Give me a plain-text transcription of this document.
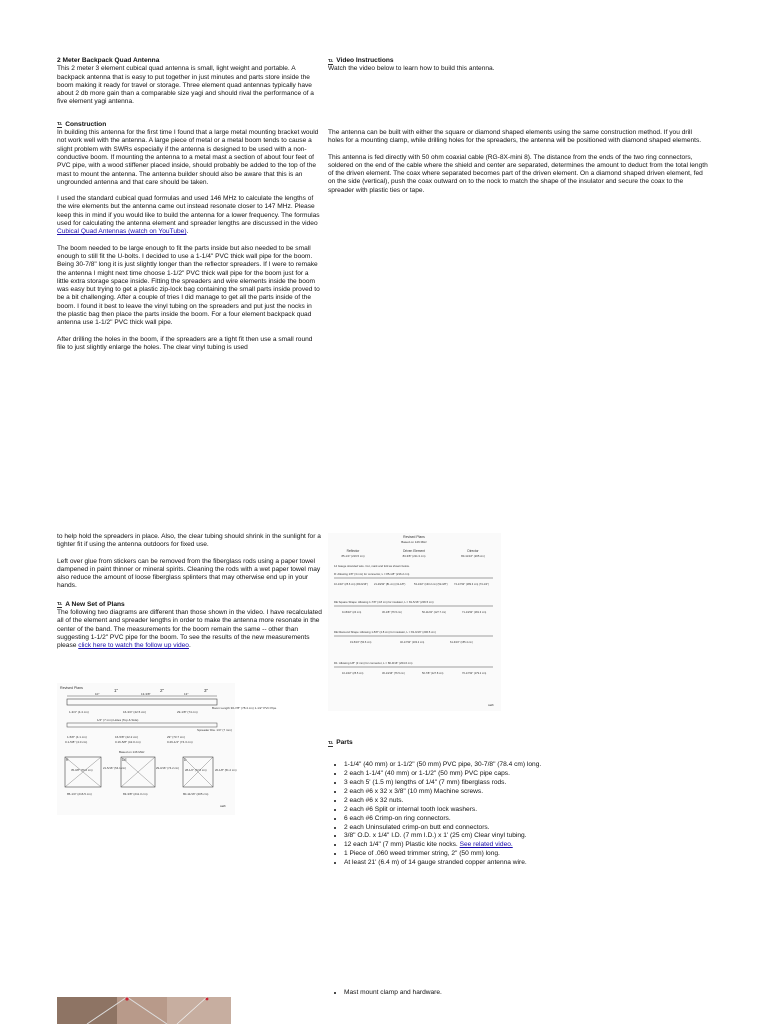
2 Meter Backpack Quad Antenna

This 2 meter 3 element cubical quad antenna is small, light weight and portable. A backpack antenna that is easy to put together in just minutes and parts store inside the boom making it ready for travel or storage. Three element quad antennas typically have about 2 db more gain than a comparable size yagi and should rival the performance of a five element yagi antenna.

T.I. Construction

In building this antenna for the first time I found that a large metal mounting bracket would not work well with the antenna. A large piece of metal or a metal boom tends to cause a slight problem with SWRs especially if the antenna is designed to be used with a non-conductive boom. If mounting the antenna to a metal mast a section of about four feet of PVC pipe, with a wood stiffener placed inside, should probably be added to the top of the mast to mount the antenna. The antenna builder should also be aware that this is an ungrounded antenna and that care should be taken.

I used the standard cubical quad formulas and used 146 MHz to calculate the lengths of the wire elements but the antenna came out instead resonate closer to 147 MHz. Please keep this in mind if you would like to build the antenna for a lower frequency. The formulas used for calculating the antenna element and spreader lengths are discussed in the video Cubical Quad Antennas (watch on YouTube).

The boom needed to be large enough to fit the parts inside but also needed to be small enough to still fit the U-bolts. I decided to use a 1-1/4" PVC thick wall pipe for the boom. Being 30-7/8" long it is just slightly longer than the reflector spreaders. If I were to remake the antenna I might next time choose 1-1/2" PVC thick wall pipe for the boom just for a little extra storage space inside. Fitting the spreaders and wire elements inside the boom was easy but trying to get a plastic zip-lock bag containing the small parts inside proved to be a bit challenging. After a couple of tries I did manage to get all the parts inside of the boom. I found it best to leave the vinyl tubing on the spreaders and put just the nocks in the plastic bag then place the parts inside the boom. For a four element backpack quad antenna use 1-1/2" PVC thick wall pipe.

After drilling the holes in the boom, if the spreaders are a tight fit then use a small round file to just slightly enlarge the holes. The clear vinyl tubing is used

to help hold the spreaders in place. Also, the clear tubing should shrink in the sunlight for a tighter fit if using the antenna outdoors for fixed use.

Left over glue from stickers can be removed from the fiberglass rods using a paper towel dampened in paint thinner or mineral spirits. Cleaning the rods with a wet paper towel may also reduce the amount of loose fiberglass splinters that may otherwise end up in your hands.

T.I. A New Set of Plans

The following two diagrams are different than those shown in the video. I have recalculated all of the element and spreader lengths in order to make the antenna more resonate in the center of the band. The measurements for the boom remain the same -- other than suggesting 1-1/2" PVC pipe for the boom. To see the results of the new measurements please click here to watch the follow up video.

Revised Plans	1"	2"	3"
10"	13-3/8"	13"
Boom Length 30-7/8" (78.4 cm) 1-1/2" PVC Pipe
1-3/4" (4.4 cm)	16-3/4" (42.5 cm)	29-1/8" (74 cm)
1/4" (7 mm) Holes (Top & Side)
Spreader Dia. 1/4" (7 mm)
1-5/8" (4.1 cm)	16-5/8" (42.2 cm)	29" (73.7 cm)
0.1-5/8" (4.0 cm)	0.16-5/8" (42.0 cm)	0.29-1/4" (74.3 cm)
Based on 146 MHz
R
35-3/8" (76.6 cm)
DE
21-5/16" (54.1 cm)	29-3/16" (74.2 cm)
D
28-1/2" (72.5 cm)	20-1/8" (51.2 cm)
85-1/4" (216.5 cm)	83-3/8" (211.3 cm)	80-11/16" (205 cm)
wa8t
T.I. Video Instructions

Watch the video below to learn how to build this antenna.

The antenna can be built with either the square or diamond shaped elements using the same construction method. If you drill holes for a mounting clamp, while drilling holes for the spreaders, the antenna will be positioned with diamond shaped elements.

This antenna is fed directly with 50 ohm coaxial cable (RG-8X-mini 8). The distance from the ends of the two ring connectors, soldered on the end of the cable where the shield and center are separated, determines the amount to deduct from the total length of the driven element. The coax where separated becomes part of the driven element. On a diamond shaped driven element, fed on the side (vertical), push the coax outward on to the nock to match the shape of the insulator and secure the coax to the spreader with plastic ties or tape.

Revised Plans
Based on 146 MHz
Reflector	Driven Element	Director
85-1/4" (216.5 cm)	83-3/8" (211.3 cm)	80-11/16" (205 cm)
14 Gauge stranded wire. Cut, mark and fold as shown below.
R: Allowing 1/8" (3 mm) for connector, L = 85-1/8" (216.2 cm)
10-1/32" (25.6 cm) (R0-9/16") 21-29/32" (81 cm) (31-1/8")	53-1/32" (133.2 cm) (52-3/8") 74-17/32" (189.3 cm) (74-1/2")
DE Square Shape: Allowing 1-7/8" (4.8 cm) for insulator, L = 81-5/16" (206.5 cm)
9-15/32" (24 cm)	30-1/8" (76.5 cm)	50-11/32" (127.7 cm)	71-13/32" (181.3 cm)
DE Diamond Shape: Allowing 1-5/8" (4.8 cm) for insulator, L = 81-9/16" (206.5 cm)
19-5/16" (50.6 cm)	40-17/32" (103.2 cm)	61-3/16" (155.4 cm)
D1: Allowing 1/8" (3 mm) for connector, L = 80-9/16" (204.6 cm)
10-1/32" (25.5 cm)	30-13/16" (76.5 cm)	50-7/8" (127.8 cm)	70-17/32" (179.2 cm)
wa8t
T.I. Parts
• 1-1/4" (40 mm) or 1-1/2" (50 mm) PVC pipe, 30-7/8" (78.4 cm) long.
• 2 each 1-1/4" (40 mm) or 1-1/2" (50 mm) PVC pipe caps.
• 3 each 5' (1.5 m) lengths of 1/4" (7 mm) fiberglass rods.
• 2 each #6 x 32 x 3/8" (10 mm) Machine screws.
• 2 each #6 x 32 nuts.
• 2 each #6 Split or internal tooth lock washers.
• 6 each #6 Crimp-on ring connectors.
• 2 each Uninsulated crimp-on butt end connectors.
• 3/8" O.D. x 1/4" I.D. (7 mm I.D.) x 1' (25 cm) Clear vinyl tubing.
• 12 each 1/4" (7 mm) Plastic kite nocks. See related video.
• 1 Piece of .060 weed trimmer string, 2" (50 mm) long.
• At least 21' (6.4 m) of 14 gauge stranded copper antenna wire.
• Mast mount clamp and hardware.
